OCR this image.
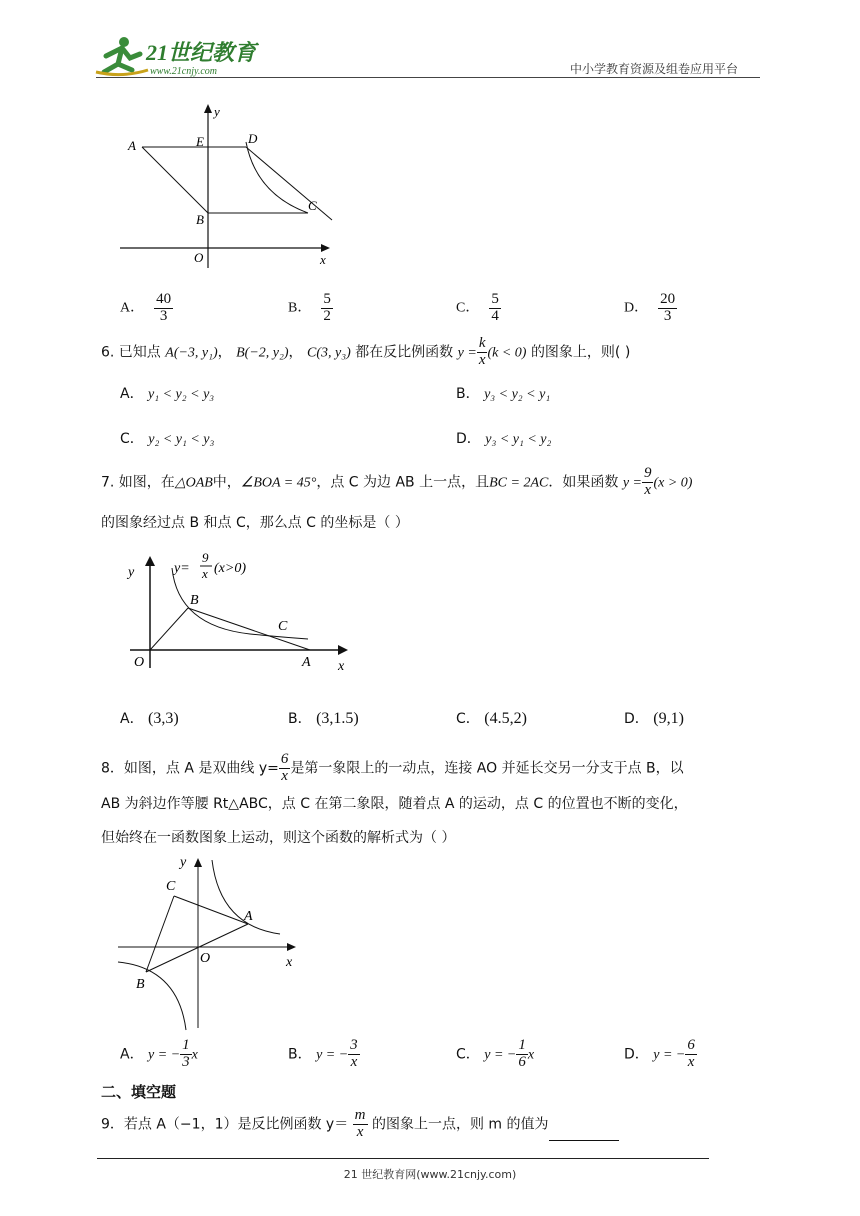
21世纪教育
www.21cnjy.com	中小学教育资源及组卷应用平台
A	E	D
B
C
O	x
y
A． $\frac{40}{3}$	B． $\frac{5}{2}$	C． $\frac{5}{4}$	D． $\frac{20}{3}$
6. 已知点 A(−3, y₁)， B(−2, y₂)， C(3, y₃) 都在反比例函数 $y = \frac{k}{x} (k < 0)$ 的图象上，则( )
A． y₁ < y₂ < y₃	B． y₃ < y₂ < y₁
C． y₂ < y₁ < y₃	D． y₃ < y₁ < y₂
7. 如图，在△OAB中，∠BOA = 45°，点 C 为边 AB 上一点，且BC = 2AC．如果函数 $y = \frac{9}{x} (x > 0)$
的图象经过点 B 和点 C，那么点 C 的坐标是（ ）
y=
9
x (x>0)
B
C
O	A x
y
A． (3,3)	B． (3,1.5)	C． (4.5,2)	D． (9,1)
8．如图，点 A 是双曲线 $y= \frac{6}{x}$ 是第一象限上的一动点，连接 AO 并延长交另一分支于点 B，以
AB 为斜边作等腰 Rt△ABC，点 C 在第二象限，随着点 A 的运动，点 C 的位置也不断的变化，
但始终在一函数图象上运动，则这个函数的解析式为（ ）
C
A
O
B
x
y
A． y = − $\frac{1}{3}$ x	B． y = − $\frac{3}{x}$	C． y = − $\frac{1}{6}$ x	D． y = − $\frac{6}{x}$
二、填空题
9．若点 A（−1，1）是反比例函数 $y= \frac{m}{x}$ 的图象上一点，则 m 的值为
21 世纪教育网(www.21cnjy.com)
